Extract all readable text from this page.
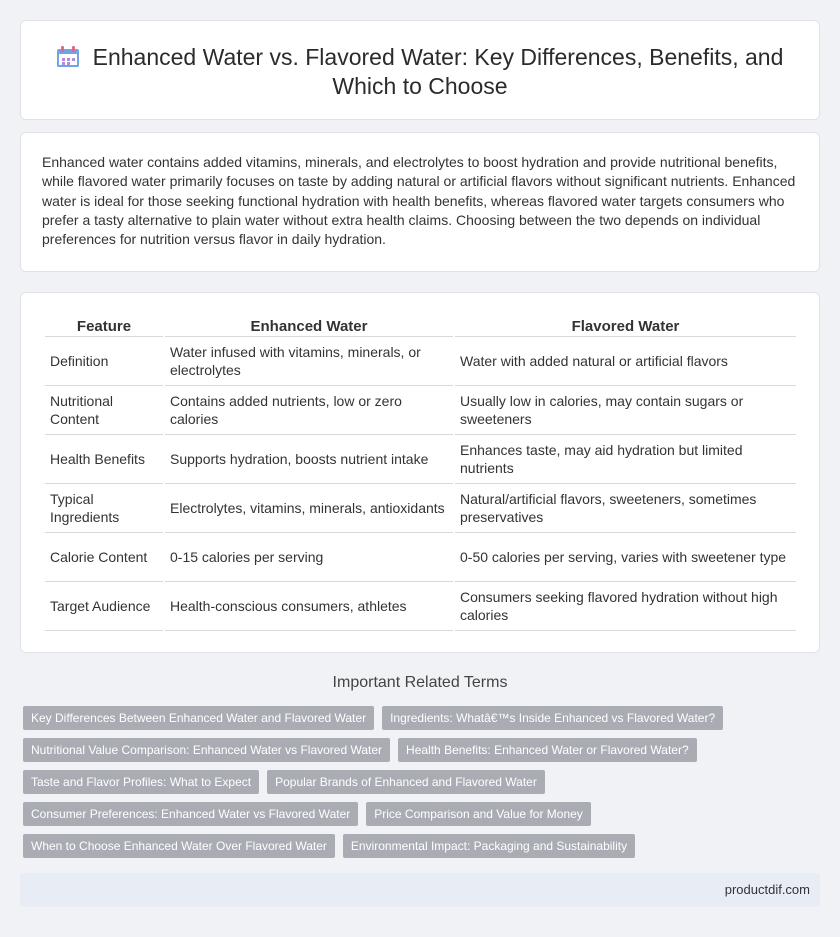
Enhanced Water vs. Flavored Water: Key Differences, Benefits, and Which to Choose

Enhanced water contains added vitamins, minerals, and electrolytes to boost hydration and provide nutritional benefits, while flavored water primarily focuses on taste by adding natural or artificial flavors without significant nutrients. Enhanced water is ideal for those seeking functional hydration with health benefits, whereas flavored water targets consumers who prefer a tasty alternative to plain water without extra health claims. Choosing between the two depends on individual preferences for nutrition versus flavor in daily hydration.

Feature	Enhanced Water	Flavored Water
Definition	Water infused with vitamins, minerals, or electrolytes	Water with added natural or artificial flavors
Nutritional Content	Contains added nutrients, low or zero calories	Usually low in calories, may contain sugars or sweeteners
Health Benefits	Supports hydration, boosts nutrient intake	Enhances taste, may aid hydration but limited nutrients
Typical Ingredients	Electrolytes, vitamins, minerals, antioxidants	Natural/artificial flavors, sweeteners, sometimes preservatives
Calorie Content	0-15 calories per serving	0-50 calories per serving, varies with sweetener type
Target Audience	Health-conscious consumers, athletes	Consumers seeking flavored hydration without high calories
Important Related Terms
Key Differences Between Enhanced Water and Flavored Water	Ingredients: Whatâ€™s Inside Enhanced vs Flavored Water?
Nutritional Value Comparison: Enhanced Water vs Flavored Water	Health Benefits: Enhanced Water or Flavored Water?
Taste and Flavor Profiles: What to Expect	Popular Brands of Enhanced and Flavored Water
Consumer Preferences: Enhanced Water vs Flavored Water	Price Comparison and Value for Money
When to Choose Enhanced Water Over Flavored Water	Environmental Impact: Packaging and Sustainability
productdif.com
